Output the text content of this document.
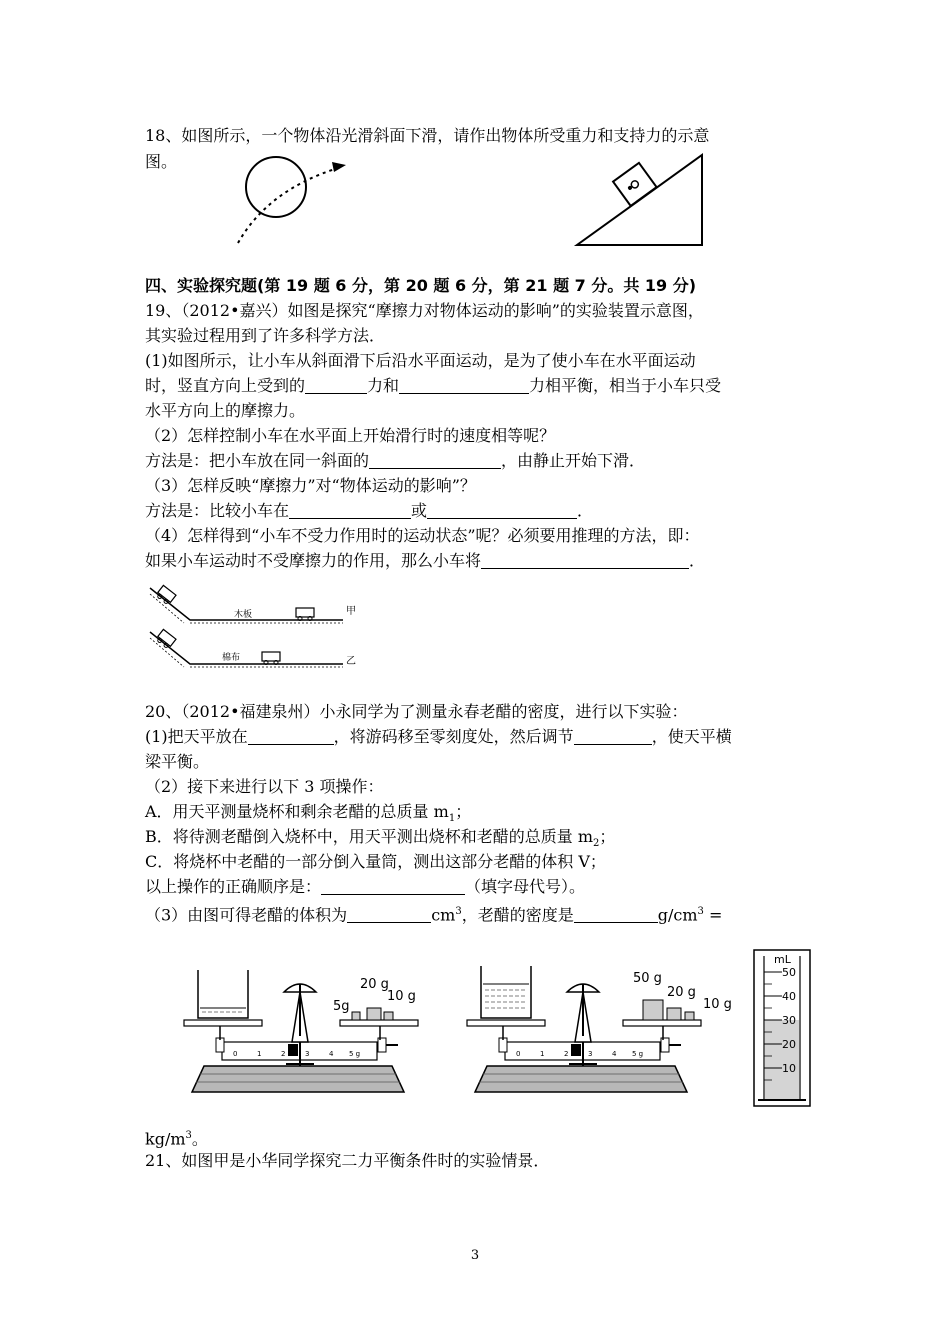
18、如图所示，一个物体沿光滑斜面下滑，请作出物体所受重力和支持力的示意
图。
四、实验探究题(第 19 题 6 分，第 20 题 6 分，第 21 题 7 分。共 19 分)
19、（2012•嘉兴）如图是探究“摩擦力对物体运动的影响”的实验装置示意图，
其实验过程用到了许多科学方法．
(1)如图所示，让小车从斜面滑下后沿水平面运动，是为了使小车在水平面运动
时，竖直方向上受到的	力和	力相平衡，相当于小车只受
水平方向上的摩擦力。
（2）怎样控制小车在水平面上开始滑行时的速度相等呢？
方法是：把小车放在同一斜面的	，由静止开始下滑．
（3）怎样反映“摩擦力”对“物体运动的影响”？
方法是：比较小车在	或	．
（4）怎样得到“小车不受力作用时的运动状态”呢？必须要用推理的方法，即：
如果小车运动时不受摩擦力的作用，那么小车将	．
木板	甲
棉布	乙
20、（2012•福建泉州）小永同学为了测量永春老醋的密度，进行以下实验：
(1)把天平放在	，将游码移至零刻度处，然后调节	，使天平横
梁平衡。
（2）接下来进行以下 3 项操作：
A．用天平测量烧杯和剩余老醋的总质量 $m_1$；
B．将待测老醋倒入烧杯中，用天平测出烧杯和老醋的总质量 $m_2$；
C．将烧杯中老醋的一部分倒入量筒，测出这部分老醋的体积 V；
以上操作的正确顺序是：	（填字母代号）。
（3）由图可得老醋的体积为	$cm^3$，老醋的密度是	$g/cm^3$ =
0	1	2	3	4 5 g
20 g
10 g
5g
0	1	2	3	4 5 g
50 g
20 g
10 g
mL
50
40
30
20
10
$kg/m^3$。
21、如图甲是小华同学探究二力平衡条件时的实验情景．
3
